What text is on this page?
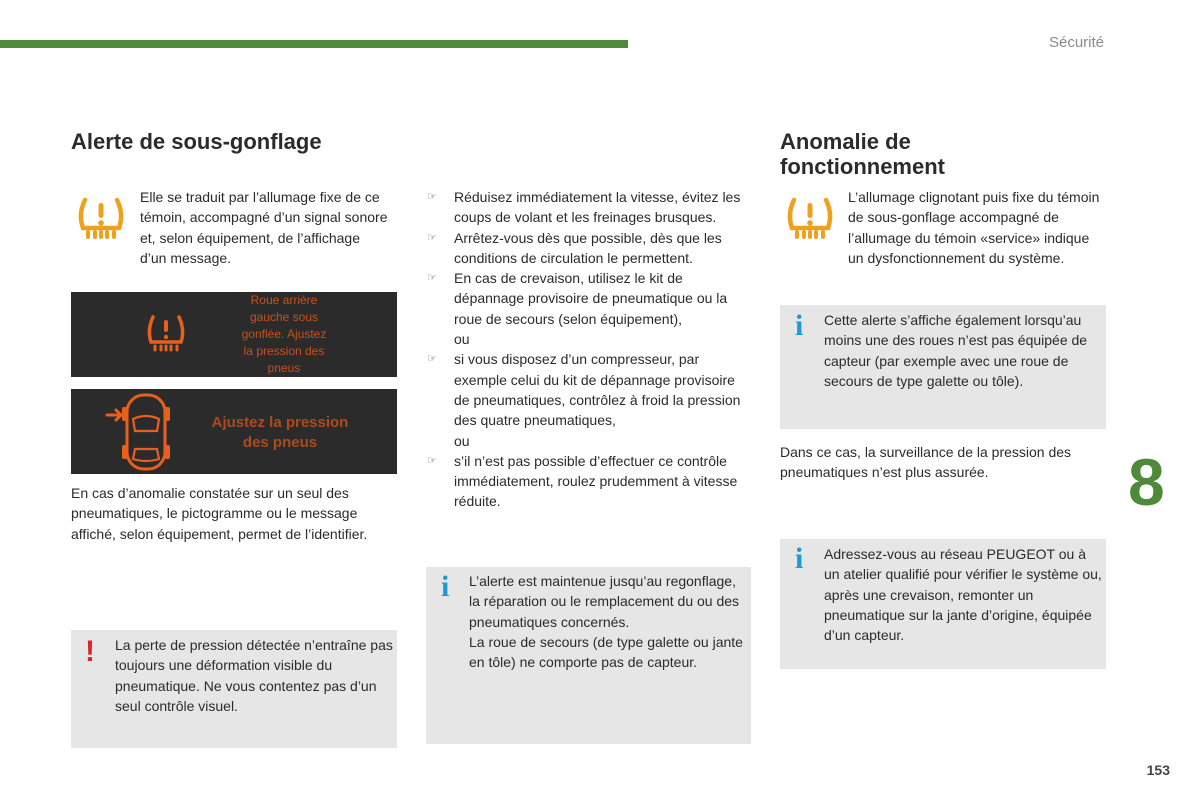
Sécurité
Alerte de sous-gonflage
Elle se traduit par l’allumage fixe de ce témoin, accompagné d’un signal sonore et, selon équipement, de l’affichage d’un message.
Roue arrière
gauche sous
gonflée. Ajustez
la pression des
pneus
Ajustez la pression
des pneus
En cas d’anomalie constatée sur un seul des pneumatiques, le pictogramme ou le message affiché, selon équipement, permet de l’identifier.
! La perte de pression détectée n’entraîne pas toujours une déformation visible du pneumatique. Ne vous contentez pas d’un seul contrôle visuel.
☞ Réduisez immédiatement la vitesse, évitez les coups de volant et les freinages brusques.
☞ Arrêtez-vous dès que possible, dès que les conditions de circulation le permettent.
☞ En cas de crevaison, utilisez le kit de dépannage provisoire de pneumatique ou la roue de secours (selon équipement),
ou
☞ si vous disposez d’un compresseur, par exemple celui du kit de dépannage provisoire de pneumatiques, contrôlez à froid la pression des quatre pneumatiques,
ou
☞ s’il n’est pas possible d’effectuer ce contrôle immédiatement, roulez prudemment à vitesse réduite.
i L’alerte est maintenue jusqu’au regonflage, la réparation ou le remplacement du ou des pneumatiques concernés.

La roue de secours (de type galette ou jante en tôle) ne comporte pas de capteur.

Anomalie de
fonctionnement
L’allumage clignotant puis fixe du témoin de sous-gonflage accompagné de l’allumage du témoin «service» indique un dysfonctionnement du système.
i Cette alerte s’affiche également lorsqu’au moins une des roues n’est pas équipée de capteur (par exemple avec une roue de secours de type galette ou tôle).
Dans ce cas, la surveillance de la pression des pneumatiques n’est plus assurée.
i Adressez-vous au réseau PEUGEOT ou à un atelier qualifié pour vérifier le système ou, après une crevaison, remonter un pneumatique sur la jante d’origine, équipée d’un capteur.
8
153
